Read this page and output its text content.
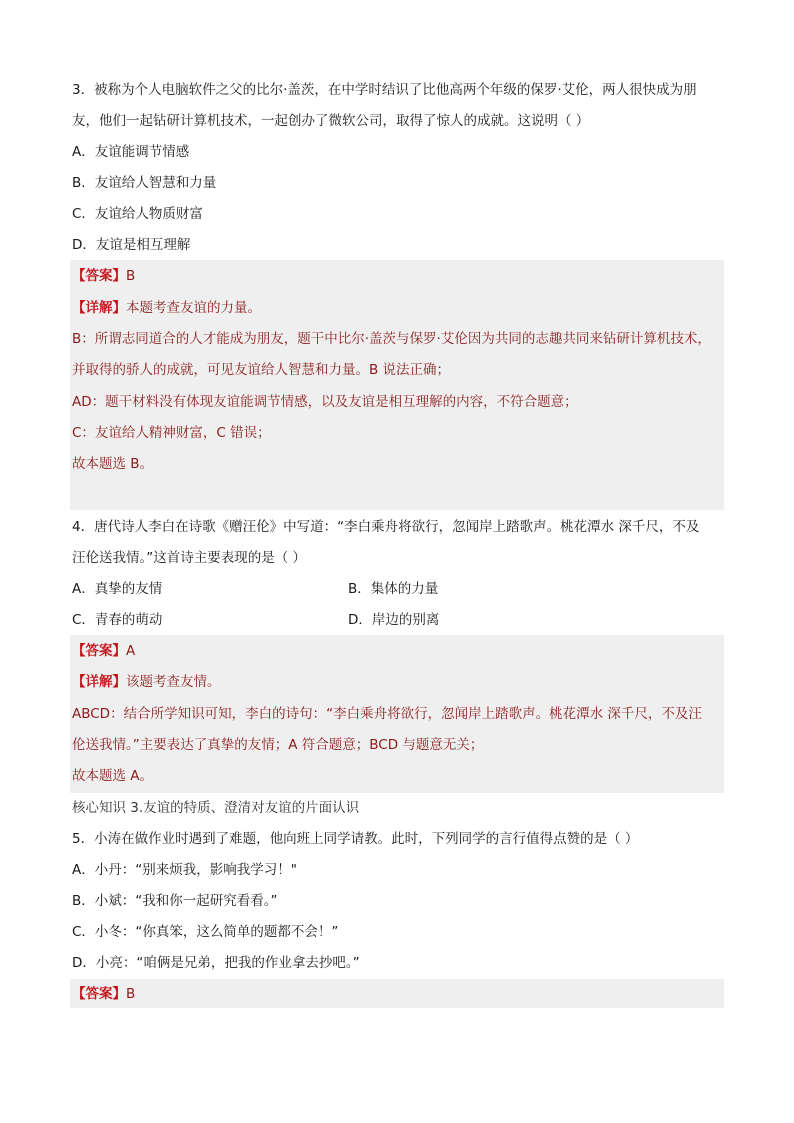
3．被称为个人电脑软件之父的比尔·盖茨，在中学时结识了比他高两个年级的保罗·艾伦，两人很快成为朋
友，他们一起钻研计算机技术，一起创办了微软公司，取得了惊人的成就。这说明（ ）
A．友谊能调节情感
B．友谊给人智慧和力量
C．友谊给人物质财富
D．友谊是相互理解
【答案】B
【详解】本题考查友谊的力量。
B：所谓志同道合的人才能成为朋友，题干中比尔·盖茨与保罗·艾伦因为共同的志趣共同来钻研计算机技术，
并取得的骄人的成就，可见友谊给人智慧和力量。B 说法正确；
AD：题干材料没有体现友谊能调节情感，以及友谊是相互理解的内容，不符合题意；
C：友谊给人精神财富，C 错误；
故本题选 B。
4．唐代诗人李白在诗歌《赠汪伦》中写道：“李白乘舟将欲行，忽闻岸上踏歌声。桃花潭水 深千尺，不及
汪伦送我情。”这首诗主要表现的是（ ）
A．真挚的友情	B．集体的力量
C．青春的萌动	D．岸边的别离
【答案】A
【详解】该题考查友情。
ABCD：结合所学知识可知，李白的诗句：“李白乘舟将欲行，忽闻岸上踏歌声。桃花潭水 深千尺，不及汪
伦送我情。”主要表达了真挚的友情；A 符合题意；BCD 与题意无关；
故本题选 A。
核心知识 3.友谊的特质、澄清对友谊的片面认识
5．小涛在做作业时遇到了难题，他向班上同学请教。此时，下列同学的言行值得点赞的是（ ）
A．小丹：“别来烦我，影响我学习！"
B．小斌：“我和你一起研究看看。”
C．小冬：“你真笨，这么简单的题都不会！”
D．小亮：“咱俩是兄弟，把我的作业拿去抄吧。”
【答案】B
